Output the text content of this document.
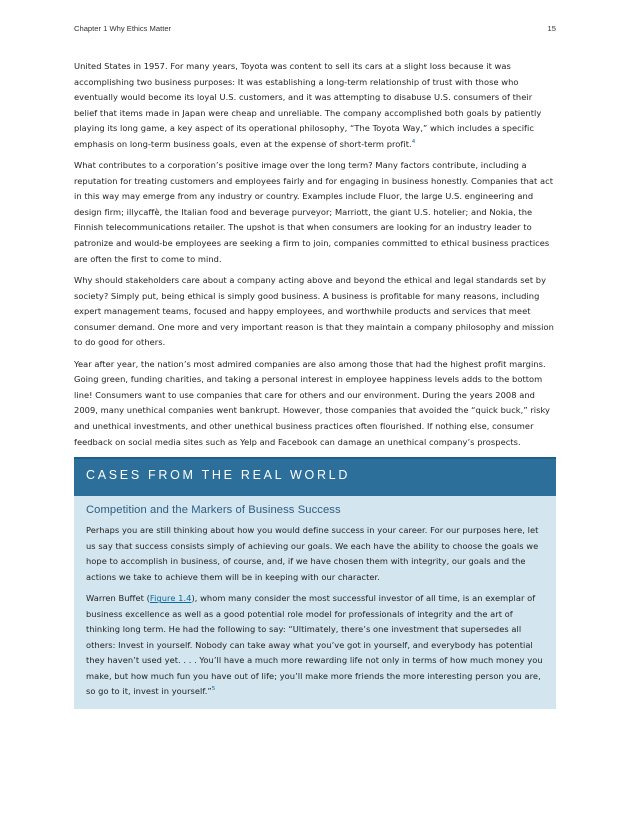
Chapter 1 Why Ethics Matter	15

United States in 1957. For many years, Toyota was content to sell its cars at a slight loss because it was accomplishing two business purposes: It was establishing a long-term relationship of trust with those who eventually would become its loyal U.S. customers, and it was attempting to disabuse U.S. consumers of their belief that items made in Japan were cheap and unreliable. The company accomplished both goals by patiently playing its long game, a key aspect of its operational philosophy, “The Toyota Way,” which includes a specific emphasis on long-term business goals, even at the expense of short-term profit.$^4$

What contributes to a corporation’s positive image over the long term? Many factors contribute, including a reputation for treating customers and employees fairly and for engaging in business honestly. Companies that act in this way may emerge from any industry or country. Examples include Fluor, the large U.S. engineering and design firm; illycaffè, the Italian food and beverage purveyor; Marriott, the giant U.S. hotelier; and Nokia, the Finnish telecommunications retailer. The upshot is that when consumers are looking for an industry leader to patronize and would-be employees are seeking a firm to join, companies committed to ethical business practices are often the first to come to mind.

Why should stakeholders care about a company acting above and beyond the ethical and legal standards set by society? Simply put, being ethical is simply good business. A business is profitable for many reasons, including expert management teams, focused and happy employees, and worthwhile products and services that meet consumer demand. One more and very important reason is that they maintain a company philosophy and mission to do good for others.

Year after year, the nation’s most admired companies are also among those that had the highest profit margins. Going green, funding charities, and taking a personal interest in employee happiness levels adds to the bottom line! Consumers want to use companies that care for others and our environment. During the years 2008 and 2009, many unethical companies went bankrupt. However, those companies that avoided the “quick buck,” risky and unethical investments, and other unethical business practices often flourished. If nothing else, consumer feedback on social media sites such as Yelp and Facebook can damage an unethical company’s prospects.

CASES FROM THE REAL WORLD
Competition and the Markers of Business Success

Perhaps you are still thinking about how you would define success in your career. For our purposes here, let us say that success consists simply of achieving our goals. We each have the ability to choose the goals we hope to accomplish in business, of course, and, if we have chosen them with integrity, our goals and the actions we take to achieve them will be in keeping with our character.

Warren Buffet (Figure 1.4), whom many consider the most successful investor of all time, is an exemplar of business excellence as well as a good potential role model for professionals of integrity and the art of thinking long term. He had the following to say: “Ultimately, there’s one investment that supersedes all others: Invest in yourself. Nobody can take away what you’ve got in yourself, and everybody has potential they haven’t used yet. . . . You’ll have a much more rewarding life not only in terms of how much money you make, but how much fun you have out of life; you’ll make more friends the more interesting person you are, so go to it, invest in yourself.”$^5$
